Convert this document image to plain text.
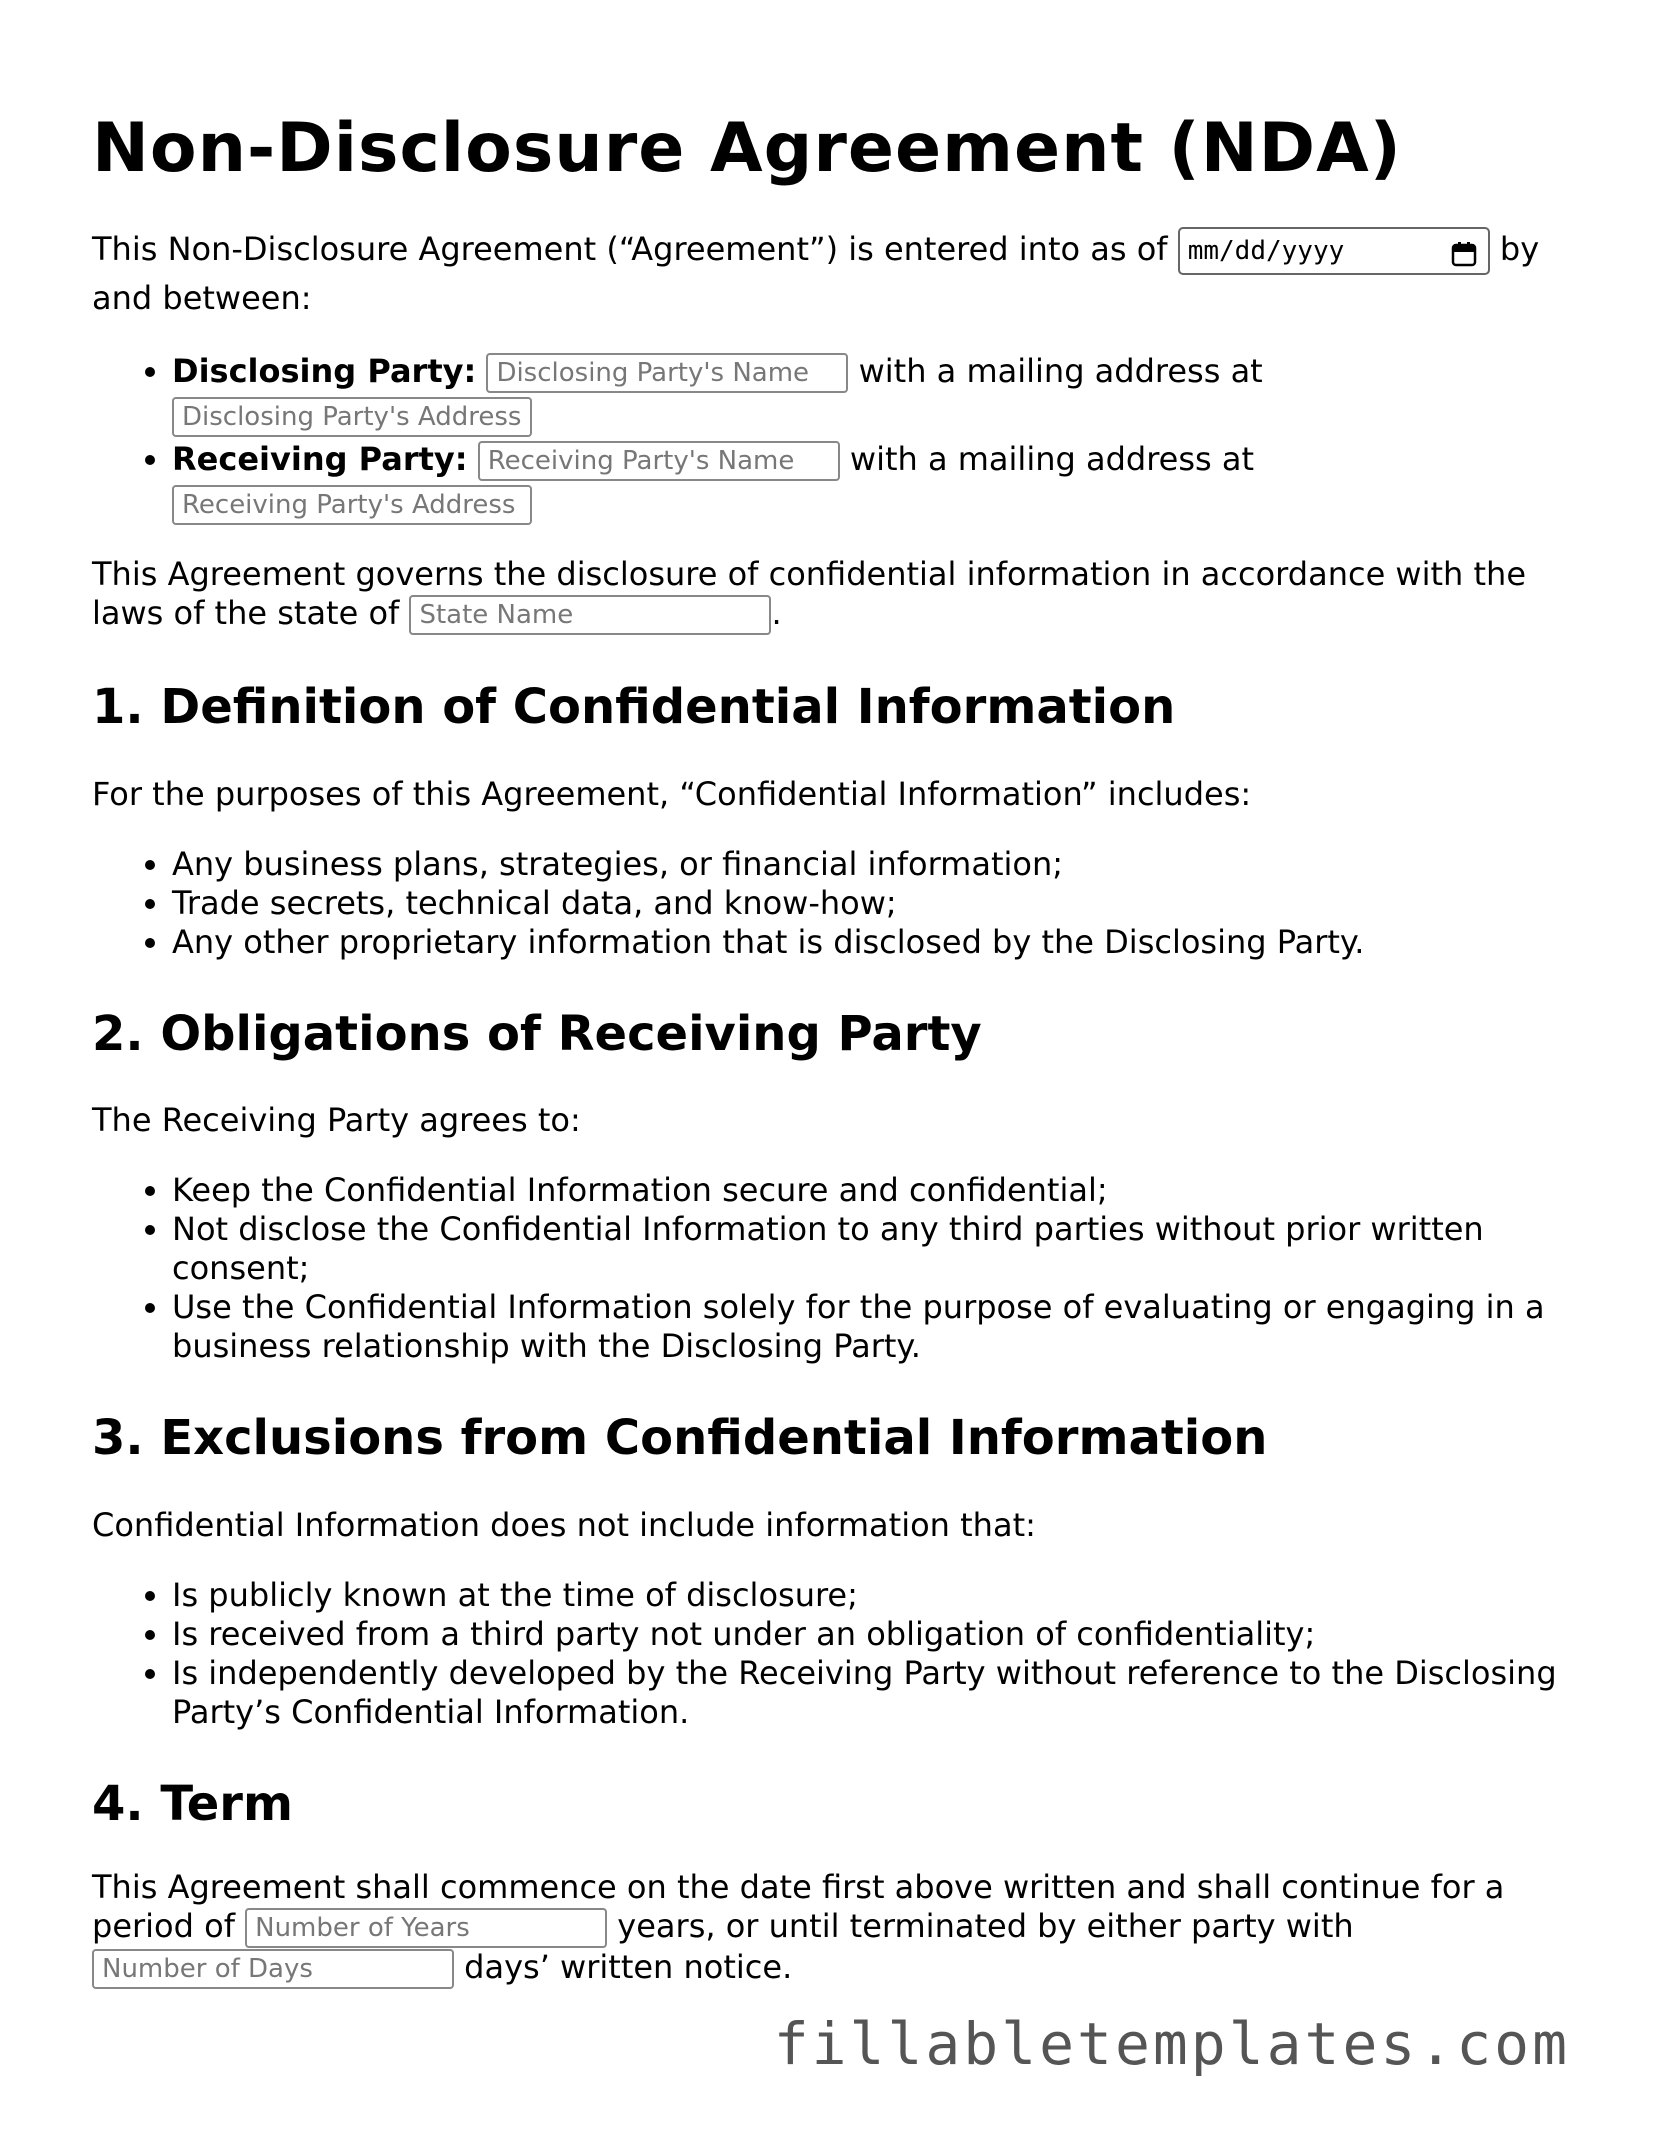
Non-Disclosure Agreement (NDA)

This Non-Disclosure Agreement (“Agreement”) is entered into as of mm/dd/yyyy	by and between:

• Disclosing Party: Disclosing Party's Name	with a mailing address at
Disclosing Party's Address
• Receiving Party: Receiving Party's Name	with a mailing address at
Receiving Party's Address

This Agreement governs the disclosure of confidential information in accordance with the laws of the state of State Name	.

1. Definition of Confidential Information

For the purposes of this Agreement, “Confidential Information” includes:

• Any business plans, strategies, or financial information;
• Trade secrets, technical data, and know-how;
• Any other proprietary information that is disclosed by the Disclosing Party.
2. Obligations of Receiving Party

The Receiving Party agrees to:

• Keep the Confidential Information secure and confidential;
• Not disclose the Confidential Information to any third parties without prior written consent;
• Use the Confidential Information solely for the purpose of evaluating or engaging in a business relationship with the Disclosing Party.
3. Exclusions from Confidential Information

Confidential Information does not include information that:

• Is publicly known at the time of disclosure;
• Is received from a third party not under an obligation of confidentiality;
• Is independently developed by the Receiving Party without reference to the Disclosing Party’s Confidential Information.
4. Term

This Agreement shall commence on the date first above written and shall continue for a period of Number of Years	years, or until terminated by either party with
Number of Days days’ written notice.

fillabletemplates.com
